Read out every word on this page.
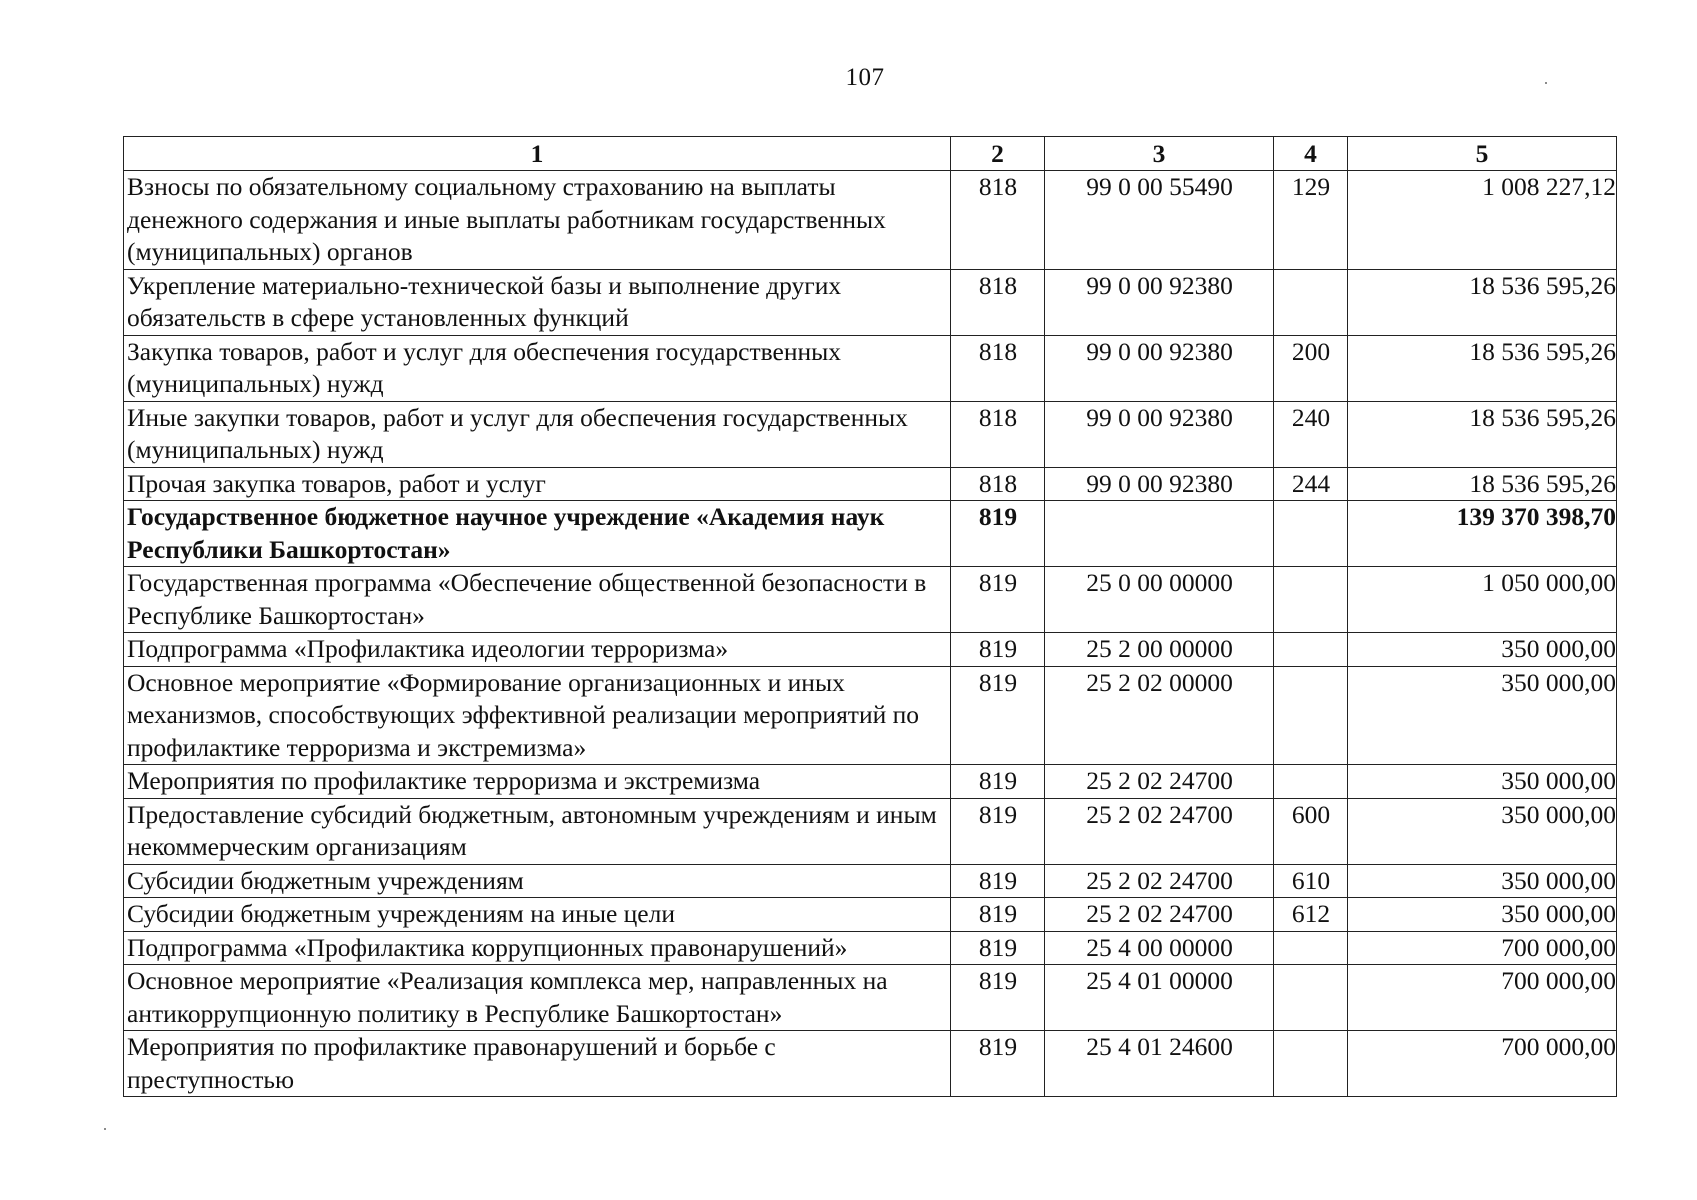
107
1	2	3	4	5
Взносы по обязательному социальному страхованию на выплаты денежного содержания и иные выплаты работникам государственных (муниципальных) органов	818	99 0 00 55490	129	1 008 227,12
Укрепление материально-технической базы и выполнение других обязательств в сфере установленных функций	818	99 0 00 92380		18 536 595,26
Закупка товаров, работ и услуг для обеспечения государственных (муниципальных) нужд	818	99 0 00 92380	200	18 536 595,26
Иные закупки товаров, работ и услуг для обеспечения государственных (муниципальных) нужд	818	99 0 00 92380	240	18 536 595,26
Прочая закупка товаров, работ и услуг	818	99 0 00 92380	244	18 536 595,26
Государственное бюджетное научное учреждение «Академия наук Республики Башкортостан»	819			139 370 398,70
Государственная программа «Обеспечение общественной безопасности в Республике Башкортостан»	819	25 0 00 00000		1 050 000,00
Подпрограмма «Профилактика идеологии терроризма»	819	25 2 00 00000		350 000,00
Основное мероприятие «Формирование организационных и иных механизмов, способствующих эффективной реализации мероприятий по профилактике терроризма и экстремизма»	819	25 2 02 00000		350 000,00
Мероприятия по профилактике терроризма и экстремизма	819	25 2 02 24700		350 000,00
Предоставление субсидий бюджетным, автономным учреждениям и иным некоммерческим организациям	819	25 2 02 24700	600	350 000,00
Субсидии бюджетным учреждениям	819	25 2 02 24700	610	350 000,00
Субсидии бюджетным учреждениям на иные цели	819	25 2 02 24700	612	350 000,00
Подпрограмма «Профилактика коррупционных правонарушений»	819	25 4 00 00000		700 000,00
Основное мероприятие «Реализация комплекса мер, направленных на антикоррупционную политику в Республике Башкортостан»	819	25 4 01 00000		700 000,00
Мероприятия по профилактике правонарушений и борьбе с преступностью	819	25 4 01 24600		700 000,00
